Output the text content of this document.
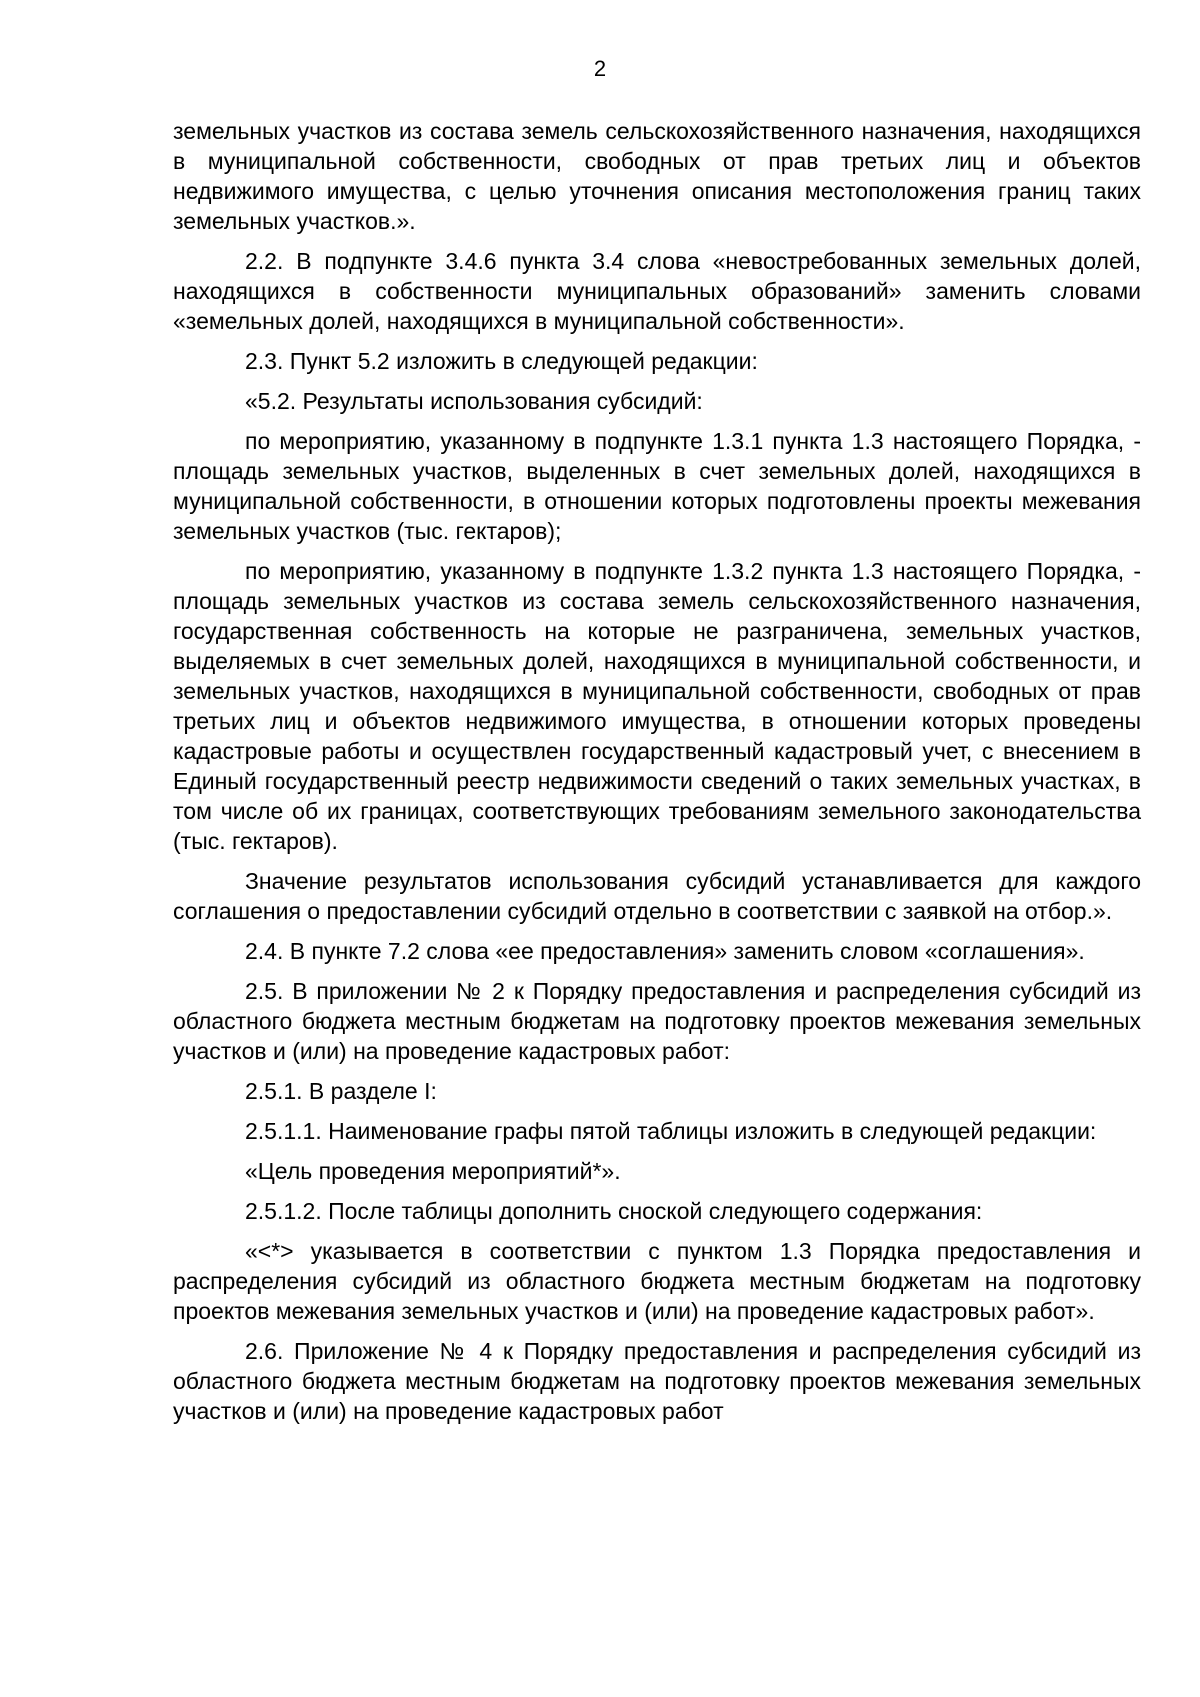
2

земельных участков из состава земель сельскохозяйственного назначения, находящихся в муниципальной собственности, свободных от прав третьих лиц и объектов недвижимого имущества, с целью уточнения описания местоположения границ таких земельных участков.».

2.2. В подпункте 3.4.6 пункта 3.4 слова «невостребованных земельных долей, находящихся в собственности муниципальных образований» заменить словами «земельных долей, находящихся в муниципальной собственности».

2.3. Пункт 5.2 изложить в следующей редакции:

«5.2. Результаты использования субсидий:

по мероприятию, указанному в подпункте 1.3.1 пункта 1.3 настоящего Порядка, - площадь земельных участков, выделенных в счет земельных долей, находящихся в муниципальной собственности, в отношении которых подготовлены проекты межевания земельных участков (тыс. гектаров);

по мероприятию, указанному в подпункте 1.3.2 пункта 1.3 настоящего Порядка, - площадь земельных участков из состава земель сельскохозяйственного назначения, государственная собственность на которые не разграничена, земельных участков, выделяемых в счет земельных долей, находящихся в муниципальной собственности, и земельных участков, находящихся в муниципальной собственности, свободных от прав третьих лиц и объектов недвижимого имущества, в отношении которых проведены кадастровые работы и осуществлен государственный кадастровый учет, с внесением в Единый государственный реестр недвижимости сведений о таких земельных участках, в том числе об их границах, соответствующих требованиям земельного законодательства (тыс. гектаров).

Значение результатов использования субсидий устанавливается для каждого соглашения о предоставлении субсидий отдельно в соответствии с заявкой на отбор.».

2.4. В пункте 7.2 слова «ее предоставления» заменить словом «соглашения».

2.5. В приложении № 2 к Порядку предоставления и распределения субсидий из областного бюджета местным бюджетам на подготовку проектов межевания земельных участков и (или) на проведение кадастровых работ:

2.5.1. В разделе I:

2.5.1.1. Наименование графы пятой таблицы изложить в следующей редакции:

«Цель проведения мероприятий*».

2.5.1.2. После таблицы дополнить сноской следующего содержания:

«<*> указывается в соответствии с пунктом 1.3 Порядка предоставления и распределения субсидий из областного бюджета местным бюджетам на подготовку проектов межевания земельных участков и (или) на проведение кадастровых работ».

2.6. Приложение № 4 к Порядку предоставления и распределения субсидий из областного бюджета местным бюджетам на подготовку проектов межевания земельных участков и (или) на проведение кадастровых работ
